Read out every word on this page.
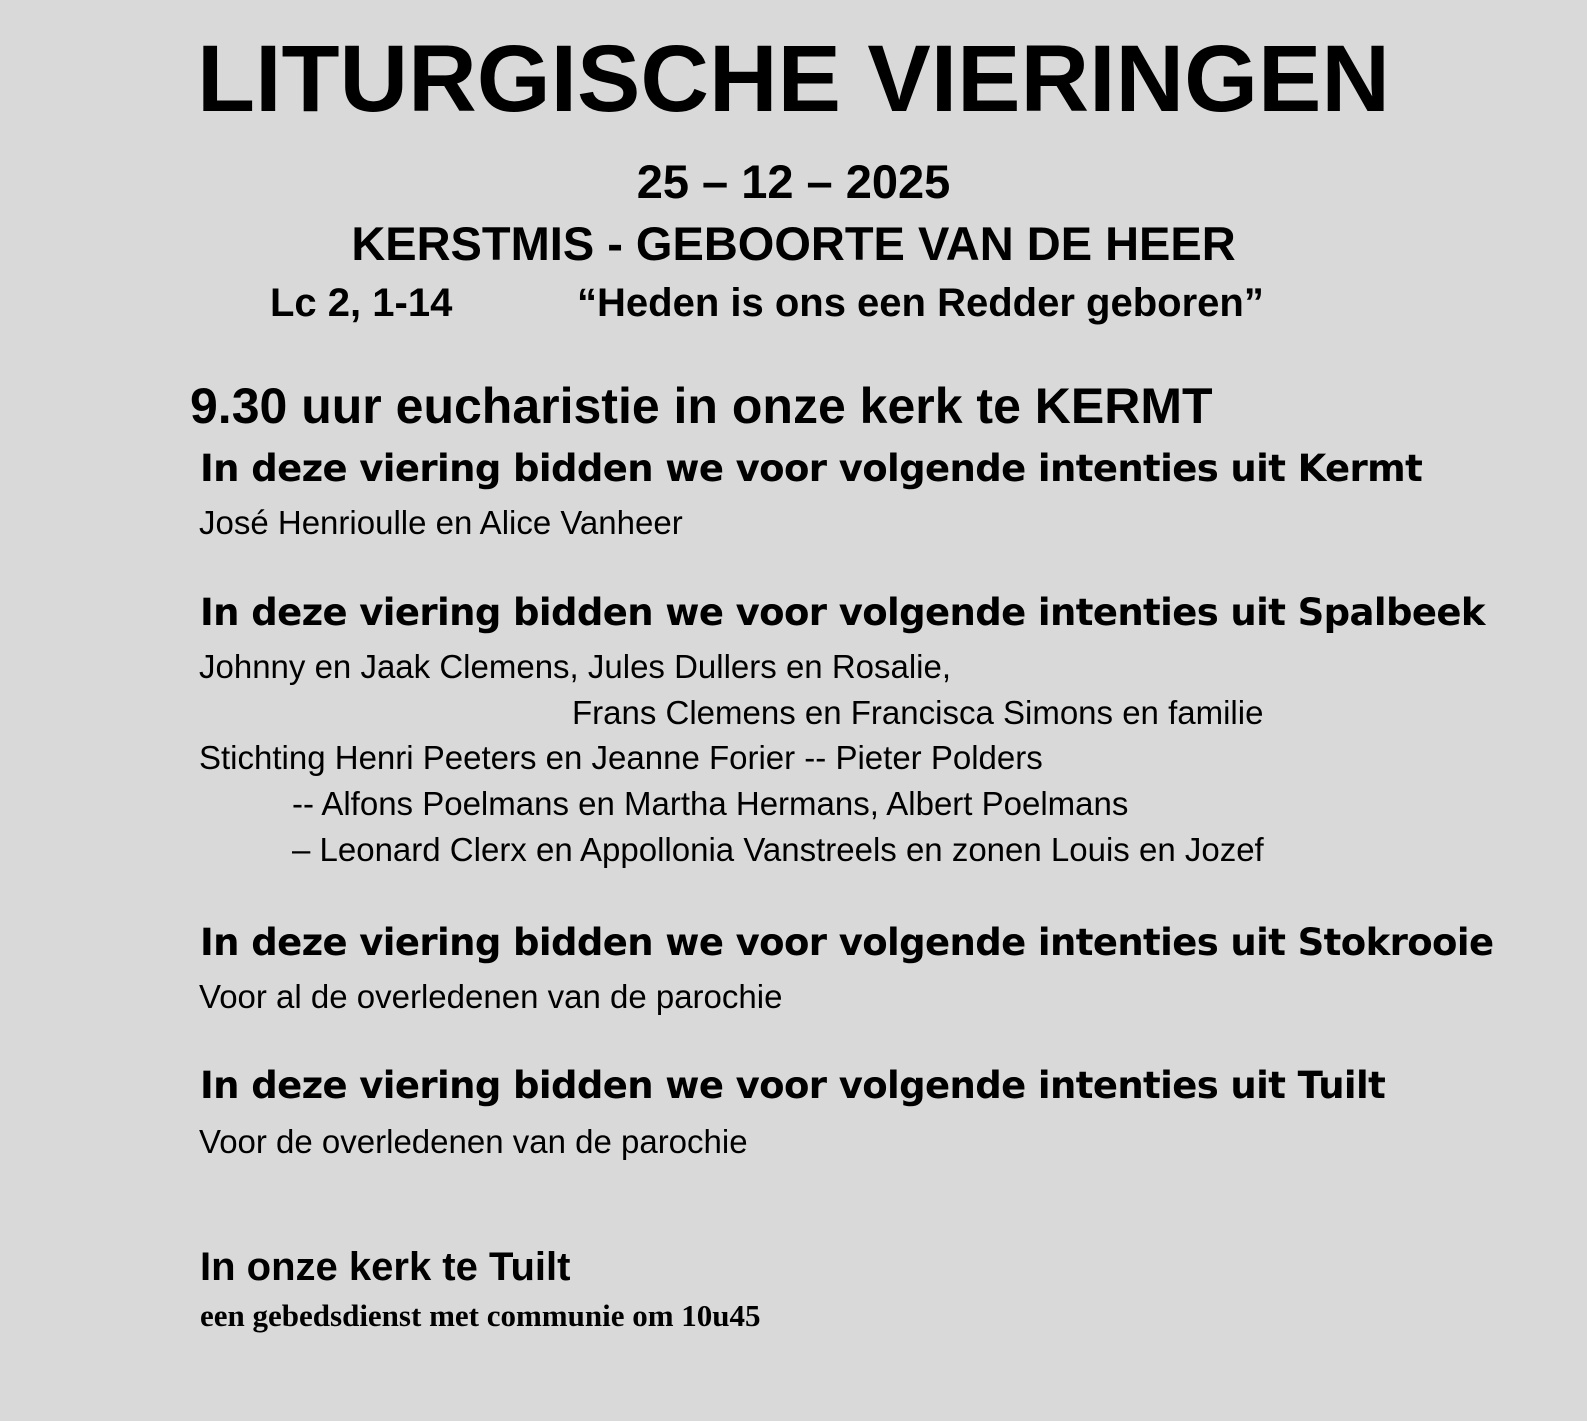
LITURGISCHE VIERINGEN
25 – 12 – 2025
KERSTMIS - GEBOORTE VAN DE HEER
Lc 2, 1-14	“Heden is ons een Redder geboren”
9.30 uur eucharistie in onze kerk te KERMT
In deze viering bidden we voor volgende intenties uit Kermt
José Henrioulle en Alice Vanheer
In deze viering bidden we voor volgende intenties uit Spalbeek
Johnny en Jaak Clemens, Jules Dullers en Rosalie,
Frans Clemens en Francisca Simons en familie
Stichting Henri Peeters en Jeanne Forier -- Pieter Polders
-- Alfons Poelmans en Martha Hermans, Albert Poelmans
– Leonard Clerx en Appollonia Vanstreels en zonen Louis en Jozef
In deze viering bidden we voor volgende intenties uit Stokrooie
Voor al de overledenen van de parochie
In deze viering bidden we voor volgende intenties uit Tuilt
Voor de overledenen van de parochie
In onze kerk te Tuilt
een gebedsdienst met communie om 10u45
